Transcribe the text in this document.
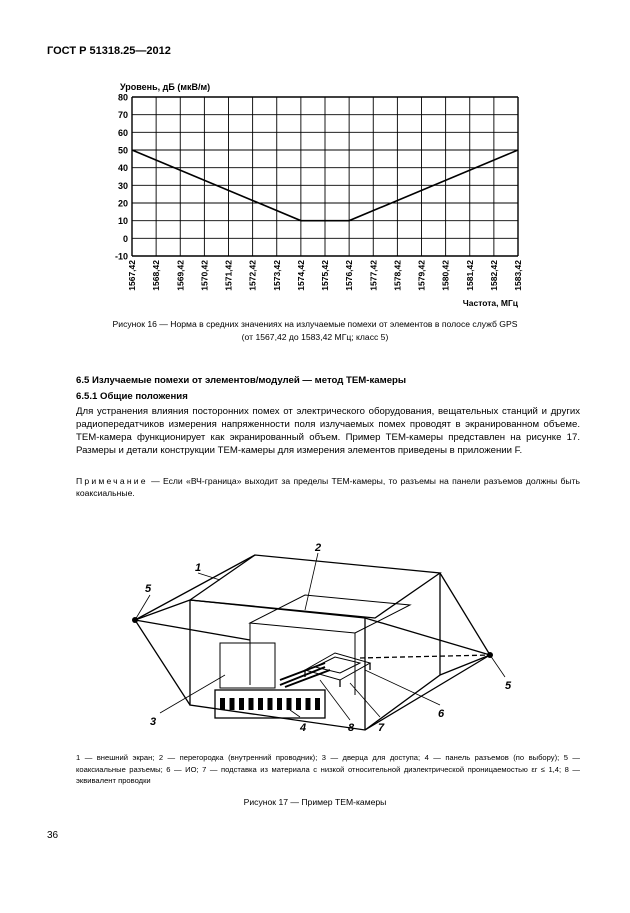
ГОСТ Р 51318.25—2012
80
70
60
50
40
30
20
10
0
-10
1567,42 1568,42 1569,42 1570,42 1571,42 1572,42 1573,42 1574,42 1575,42 1576,42 1577,42 1578,42 1579,42 1580,42 1581,42 1582,42 1583,42
Уровень, дБ (мкВ/м)
Частота, МГц
Рисунок 16 — Норма в средних значениях на излучаемые помехи от элементов в полосе служб GPS
(от 1567,42 до 1583,42 МГц; класс 5)
6.5 Излучаемые помехи от элементов/модулей — метод ТЕМ-камеры
6.5.1 Общие положения
Для устранения влияния посторонних помех от электрического оборудования, вещательных станций и других радиопередатчиков измерения напряженности поля излучаемых помех проводят в экранированном объеме. ТЕМ-камера функционирует как экранированный объем. Пример ТЕМ-камеры представлен на рисунке 17. Размеры и детали конструкции ТЕМ-камеры для измерения элементов приведены в приложении F.
Примечание — Если «ВЧ-граница» выходит за пределы ТЕМ-камеры, то разъемы на панели разъемов должны быть коаксиальные.
1
2
3	4
5
5
6
7
8
1 — внешний экран; 2 — перегородка (внутренний проводник); 3 — дверца для доступа; 4 — панель разъемов (по выбору); 5 — коаксиальные разъемы; 6 — ИО; 7 — подставка из материала с низкой относительной диэлектрической проницаемостью εr ≤ 1,4; 8 — эквивалент проводки
Рисунок 17 — Пример ТЕМ-камеры
36
